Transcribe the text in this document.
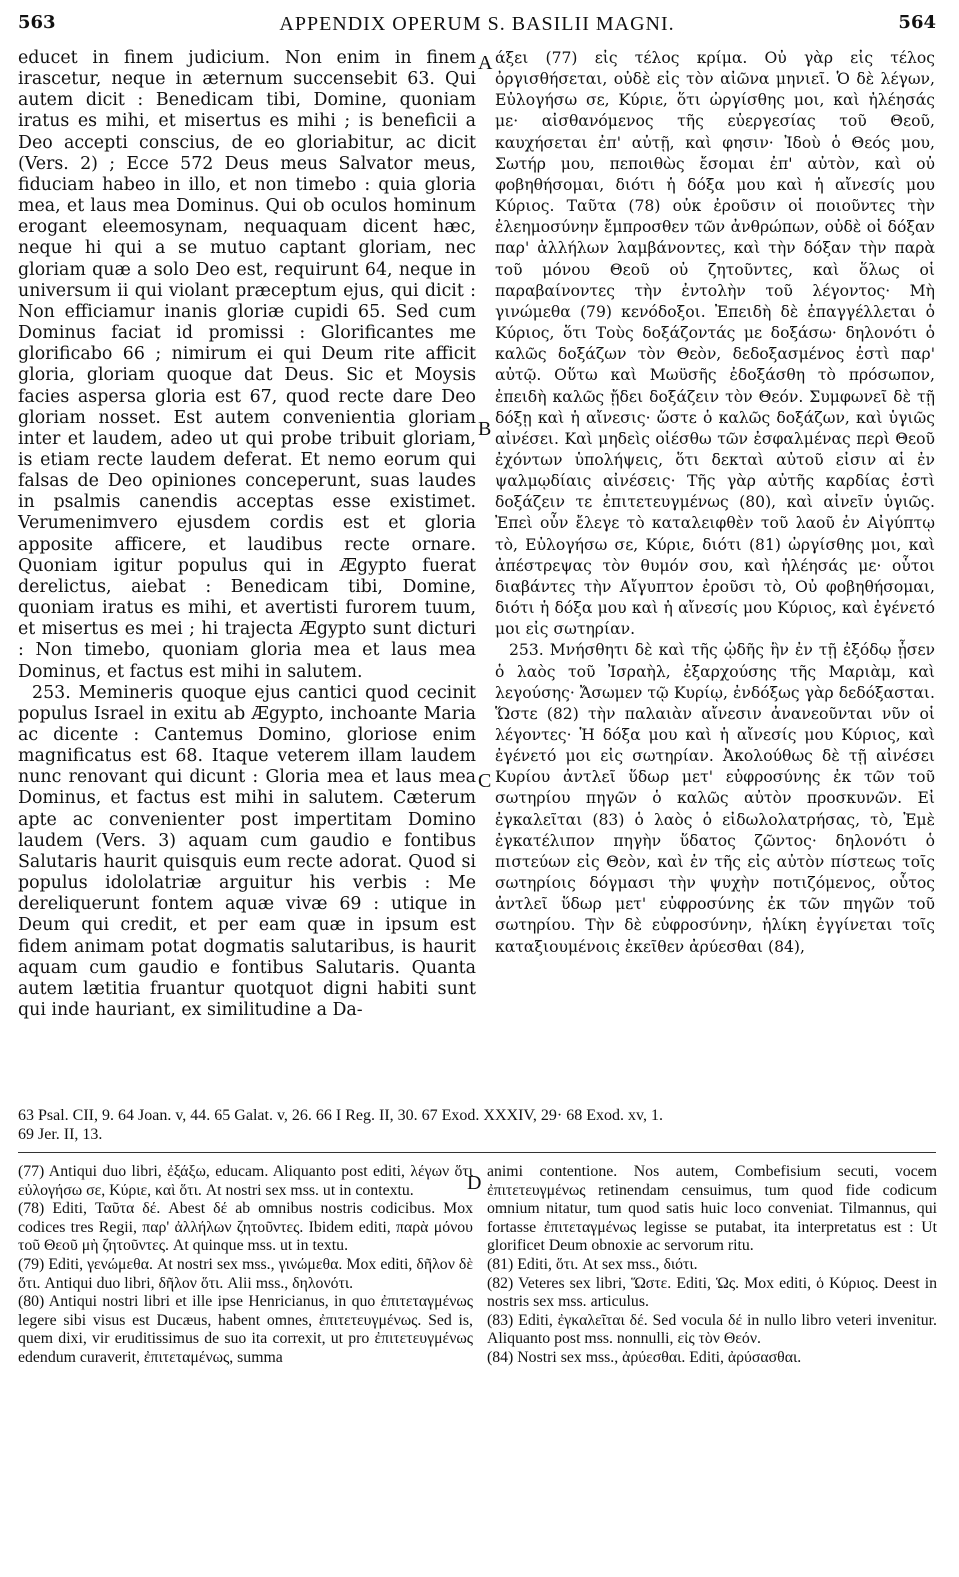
563	APPENDIX OPERUM S. BASILII MAGNI.	564

educet in finem judicium. Non enim in finem irascetur, neque in æternum succensebit 63. Qui autem dicit : Benedicam tibi, Domine, quoniam iratus es mihi, et misertus es mihi ; is beneficii a Deo accepti conscius, de eo gloriabitur, ac dicit (Vers. 2) ; Ecce 572 Deus meus Salvator meus, fiduciam habeo in illo, et non timebo : quia gloria mea, et laus mea Dominus. Qui ob oculos hominum erogant eleemosynam, nequaquam dicent hæc, neque hi qui a se mutuo captant gloriam, nec gloriam quæ a solo Deo est, requirunt 64, neque in universum ii qui violant præceptum ejus, qui dicit : Non efficiamur inanis gloriæ cupidi 65. Sed cum Dominus faciat id promissi : Glorificantes me glorificabo 66 ; nimirum ei qui Deum rite afficit gloria, gloriam quoque dat Deus. Sic et Moysis facies aspersa gloria est 67, quod recte dare Deo gloriam nosset. Est autem convenientia gloriam inter et laudem, adeo ut qui probe tribuit gloriam, is etiam recte laudem deferat. Et nemo eorum qui falsas de Deo opiniones conceperunt, suas laudes in psalmis canendis acceptas esse existimet. Verumenimvero ejusdem cordis est et gloria apposite afficere, et laudibus recte ornare. Quoniam igitur populus qui in Ægypto fuerat derelictus, aiebat : Benedicam tibi, Domine, quoniam iratus es mihi, et avertisti furorem tuum, et misertus es mei ; hi trajecta Ægypto sunt dicturi : Non timebo, quoniam gloria mea et laus mea Dominus, et factus est mihi in salutem.

253. Memineris quoque ejus cantici quod cecinit populus Israel in exitu ab Ægypto, inchoante Maria ac dicente : Cantemus Domino, gloriose enim magnificatus est 68. Itaque veterem illam laudem nunc renovant qui dicunt : Gloria mea et laus mea Dominus, et factus est mihi in salutem. Cæterum apte ac convenienter post impertitam Domino laudem (Vers. 3) aquam cum gaudio e fontibus Salutaris haurit quisquis eum recte adorat. Quod si populus idololatriæ arguitur his verbis : Me dereliquerunt fontem aquæ vivæ 69 : utique in Deum qui credit, et per eam quæ in ipsum est fidem animam potat dogmatis salutaribus, is haurit aquam cum gaudio e fontibus Salutaris. Quanta autem lætitia fruantur quotquot digni habiti sunt qui inde hauriant, ex similitudine a Da-

A
B
C
D

άξει (77) εἰς τέλος κρίμα. Οὐ γὰρ εἰς τέλος ὀργισθήσεται, οὐδὲ εἰς τὸν αἰῶνα μηνιεῖ. Ὁ δὲ λέγων, Εὐλογήσω σε, Κύριε, ὅτι ὠργίσθης μοι, καὶ ἠλέησάς με· αἰσθανόμενος τῆς εὐεργεσίας τοῦ Θεοῦ, καυχήσεται ἐπ' αὐτῇ, καὶ φησιν· Ἰδοὺ ὁ Θεός μου, Σωτήρ μου, πεποιθὼς ἔσομαι ἐπ' αὐτὸν, καὶ οὐ φοβηθήσομαι, διότι ἡ δόξα μου καὶ ἡ αἴνεσίς μου Κύριος. Ταῦτα (78) οὐκ ἐροῦσιν οἱ ποιοῦντες τὴν ἐλεημοσύνην ἔμπροσθεν τῶν ἀνθρώπων, οὐδὲ οἱ δόξαν παρ' ἀλλήλων λαμβάνοντες, καὶ τὴν δόξαν τὴν παρὰ τοῦ μόνου Θεοῦ οὐ ζητοῦντες, καὶ ὅλως οἱ παραβαίνοντες τὴν ἐντολὴν τοῦ λέγοντος· Μὴ γινώμεθα (79) κενόδοξοι. Ἐπειδὴ δὲ ἐπαγγέλλεται ὁ Κύριος, ὅτι Τοὺς δοξάζοντάς με δοξάσω· δηλονότι ὁ καλῶς δοξάζων τὸν Θεὸν, δεδοξασμένος ἐστὶ παρ' αὐτῷ. Οὕτω καὶ Μωϋσῆς ἐδοξάσθη τὸ πρόσωπον, ἐπειδὴ καλῶς ᾔδει δοξάζειν τὸν Θεόν. Συμφωνεῖ δὲ τῇ δόξῃ καὶ ἡ αἴνεσις· ὥστε ὁ καλῶς δοξάζων, καὶ ὑγιῶς αἰνέσει. Καὶ μηδεὶς οἰέσθω τῶν ἐσφαλμένας περὶ Θεοῦ ἐχόντων ὑπολήψεις, ὅτι δεκταὶ αὐτοῦ εἰσιν αἱ ἐν ψαλμῳδίαις αἰνέσεις· Τῆς γὰρ αὐτῆς καρδίας ἐστὶ δοξάζειν τε ἐπιτετευγμένως (80), καὶ αἰνεῖν ὑγιῶς. Ἐπεὶ οὖν ἔλεγε τὸ καταλειφθὲν τοῦ λαοῦ ἐν Αἰγύπτῳ τὸ, Εὐλογήσω σε, Κύριε, διότι (81) ὠργίσθης μοι, καὶ ἀπέστρεψας τὸν θυμόν σου, καὶ ἠλέησάς με· οὗτοι διαβάντες τὴν Αἴγυπτον ἐροῦσι τὸ, Οὐ φοβηθήσομαι, διότι ἡ δόξα μου καὶ ἡ αἴνεσίς μου Κύριος, καὶ ἐγένετό μοι εἰς σωτηρίαν.

253. Μνήσθητι δὲ καὶ τῆς ᾠδῆς ἣν ἐν τῇ ἐξόδῳ ᾖσεν ὁ λαὸς τοῦ Ἰσραὴλ, ἐξαρχούσης τῆς Μαριὰμ, καὶ λεγούσης· Ἄσωμεν τῷ Κυρίῳ, ἐνδόξως γὰρ δεδόξασται. Ὥστε (82) τὴν παλαιὰν αἴνεσιν ἀνανεοῦνται νῦν οἱ λέγοντες· Ἡ δόξα μου καὶ ἡ αἴνεσίς μου Κύριος, καὶ ἐγένετό μοι εἰς σωτηρίαν. Ἀκολούθως δὲ τῇ αἰνέσει Κυρίου ἀντλεῖ ὕδωρ μετ' εὐφροσύνης ἐκ τῶν τοῦ σωτηρίου πηγῶν ὁ καλῶς αὐτὸν προσκυνῶν. Εἰ ἐγκαλεῖται (83) ὁ λαὸς ὁ εἰδωλολατρήσας, τὸ, Ἐμὲ ἐγκατέλιπον πηγὴν ὕδατος ζῶντος· δηλονότι ὁ πιστεύων εἰς Θεὸν, καὶ ἐν τῆς εἰς αὐτὸν πίστεως τοῖς σωτηρίοις δόγμασι τὴν ψυχὴν ποτιζόμενος, οὗτος ἀντλεῖ ὕδωρ μετ' εὐφροσύνης ἐκ τῶν πηγῶν τοῦ σωτηρίου. Τὴν δὲ εὐφροσύνην, ἡλίκη ἐγγίνεται τοῖς καταξιουμένοις ἐκεῖθεν ἀρύεσθαι (84),

63 Psal. CII, 9. 64 Joan. v, 44. 65 Galat. v, 26. 66 I Reg. II, 30. 67 Exod. XXXIV, 29· 68 Exod. xv, 1.
69 Jer. II, 13.

(77) Antiqui duo libri, ἐξάξω, educam. Aliquanto post editi, λέγων ὅτι εὐλογήσω σε, Κύριε, καὶ ὅτι. At nostri sex mss. ut in contextu.

(78) Editi, Ταῦτα δέ. Abest δέ ab omnibus nostris codicibus. Mox codices tres Regii, παρ' ἀλλήλων ζητοῦντες. Ibidem editi, παρὰ μόνου τοῦ Θεοῦ μὴ ζητοῦντες. At quinque mss. ut in textu.

(79) Editi, γενώμεθα. At nostri sex mss., γινώμεθα. Mox editi, δῆλον δὲ ὅτι. Antiqui duo libri, δῆλον ὅτι. Alii mss., δηλονότι.

(80) Antiqui nostri libri et ille ipse Henricianus, in quo ἐπιτεταγμένως legere sibi visus est Ducæus, habent omnes, ἐπιτετευγμένως. Sed is, quem dixi, vir eruditissimus de suo ita correxit, ut pro ἐπιτετευγμένως edendum curaverit, ἐπιτεταμένως, summa

animi contentione. Nos autem, Combefisium secuti, vocem ἐπιτετευγμένως retinendam censuimus, tum quod fide codicum omnium nitatur, tum quod satis huic loco conveniat. Tilmannus, qui fortasse ἐπιτεταγμένως legisse se putabat, ita interpretatus est : Ut glorificet Deum obnoxie ac servorum ritu.

(81) Editi, ὅτι. At sex mss., διότι.

(82) Veteres sex libri, Ὥστε. Editi, Ὡς. Mox editi, ὁ Κύριος. Deest in nostris sex mss. articulus.

(83) Editi, ἐγκαλεῖται δέ. Sed vocula δέ in nullo libro veteri invenitur. Aliquanto post mss. nonnulli, εἰς τὸν Θεόν.

(84) Nostri sex mss., ἀρύεσθαι. Editi, ἀρύσασθαι.
